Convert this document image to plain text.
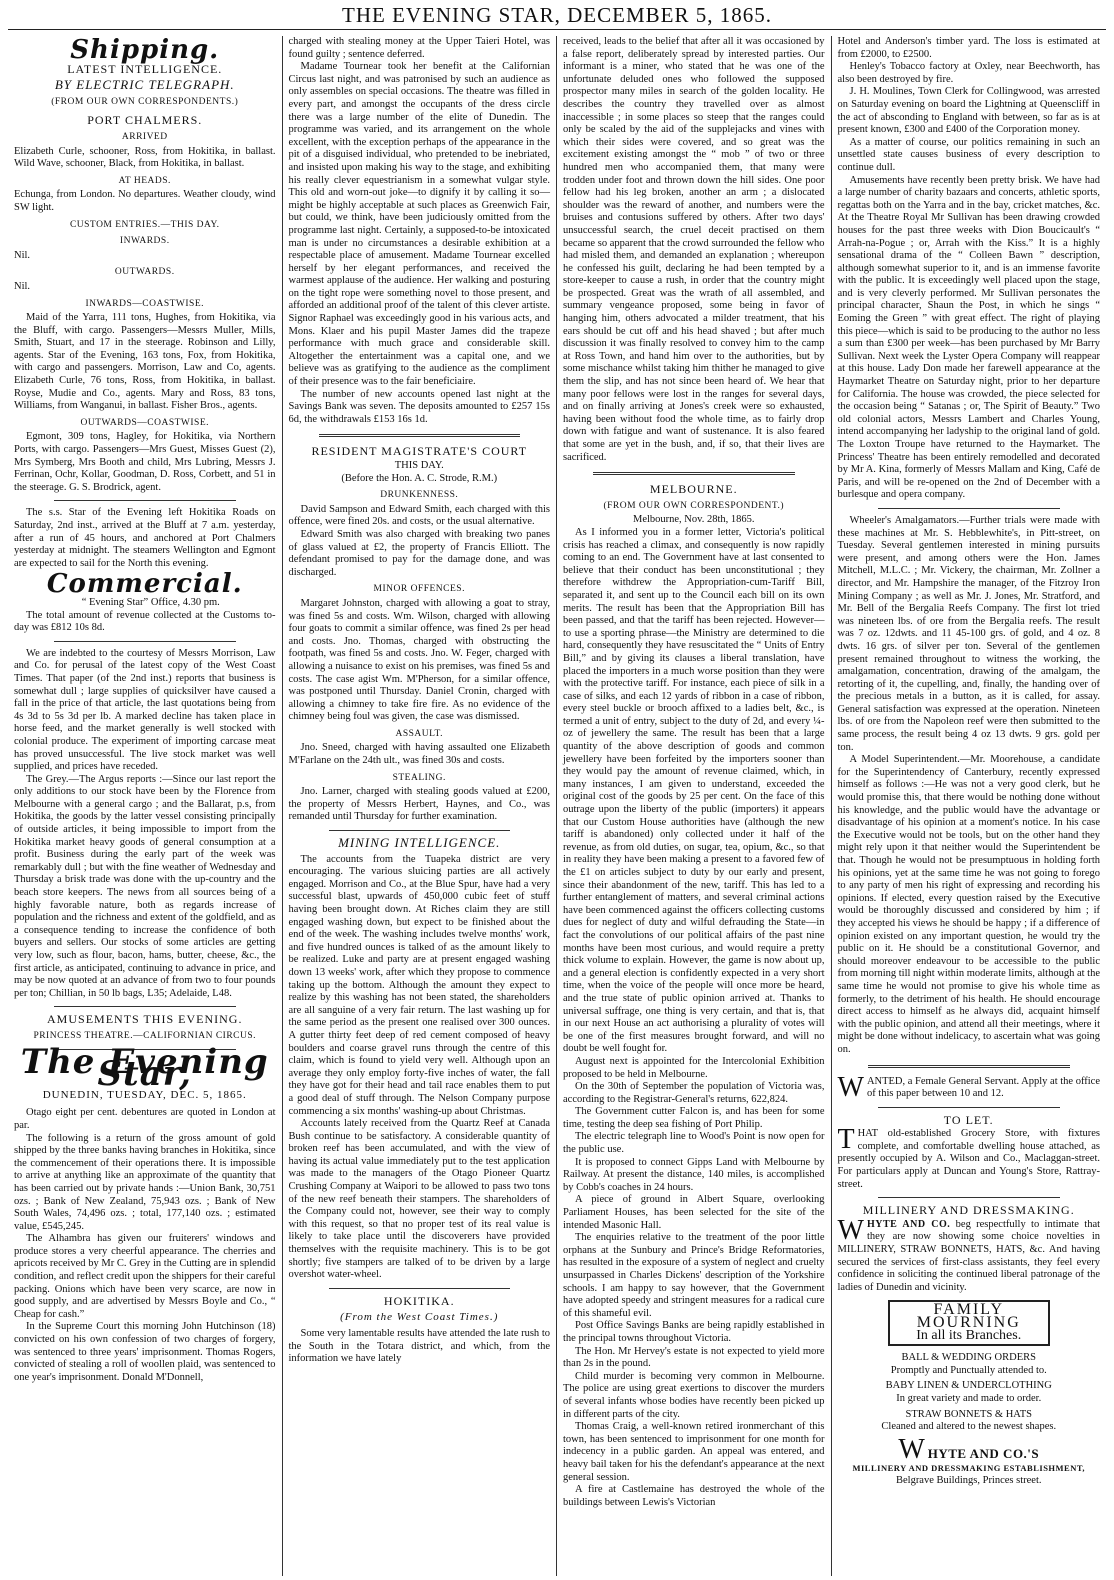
THE EVENING STAR, DECEMBER 5, 1865.
Shipping.
LATEST INTELLIGENCE.
BY ELECTRIC TELEGRAPH.
(FROM OUR OWN CORRESPONDENTS.)
PORT CHALMERS.
ARRIVED

Elizabeth Curle, schooner, Ross, from Hokitika, in ballast. Wild Wave, schooner, Black, from Hokitika, in ballast.

AT HEADS.

Echunga, from London. No departures. Weather cloudy, wind SW light.

CUSTOM ENTRIES.—THIS DAY.
INWARDS.

Nil.

OUTWARDS.

Nil.

INWARDS—COASTWISE.

Maid of the Yarra, 111 tons, Hughes, from Hokitika, via the Bluff, with cargo. Passengers—Messrs Muller, Mills, Smith, Stuart, and 17 in the steerage. Robinson and Lilly, agents. Star of the Evening, 163 tons, Fox, from Hokitika, with cargo and passengers. Morrison, Law and Co, agents. Elizabeth Curle, 76 tons, Ross, from Hokitika, in ballast. Royse, Mudie and Co., agents. Mary and Ross, 83 tons, Williams, from Wanganui, in ballast. Fisher Bros., agents.

OUTWARDS—COASTWISE.

Egmont, 309 tons, Hagley, for Hokitika, via Northern Ports, with cargo. Passengers—Mrs Guest, Misses Guest (2), Mrs Symberg, Mrs Booth and child, Mrs Lubring, Messrs J. Ferrinan, Ochr, Kollar, Goodman, D. Ross, Corbett, and 51 in the steerage. G. S. Brodrick, agent.

The s.s. Star of the Evening left Hokitika Roads on Saturday, 2nd inst., arrived at the Bluff at 7 a.m. yesterday, after a run of 45 hours, and anchored at Port Chalmers yesterday at midnight. The steamers Wellington and Egmont are expected to sail for the North this evening.

Commercial.

“ Evening Star” Office, 4.30 pm.

The total amount of revenue collected at the Customs to-day was £812 10s 8d.

We are indebted to the courtesy of Messrs Morrison, Law and Co. for perusal of the latest copy of the West Coast Times. That paper (of the 2nd inst.) reports that business is somewhat dull ; large supplies of quicksilver have caused a fall in the price of that article, the last quotations being from 4s 3d to 5s 3d per lb. A marked decline has taken place in horse feed, and the market generally is well stocked with colonial produce. The experiment of importing carcase meat has proved unsuccessful. The live stock market was well supplied, and prices have receded.

The Grey.—The Argus reports :—Since our last report the only additions to our stock have been by the Florence from Melbourne with a general cargo ; and the Ballarat, p.s, from Hokitika, the goods by the latter vessel consisting principally of outside articles, it being impossible to import from the Hokitika market heavy goods of general consumption at a profit. Business during the early part of the week was remarkably dull ; but with the fine weather of Wednesday and Thursday a brisk trade was done with the up-country and the beach store keepers. The news from all sources being of a highly favorable nature, both as regards increase of population and the richness and extent of the goldfield, and as a consequence tending to increase the confidence of both buyers and sellers. Our stocks of some articles are getting very low, such as flour, bacon, hams, butter, cheese, &c., the first article, as anticipated, continuing to advance in price, and may be now quoted at an advance of from two to four pounds per ton; Chillian, in 50 lb bags, L35; Adelaide, L48.

AMUSEMENTS THIS EVENING.
PRINCESS THEATRE.—CALIFORNIAN CIRCUS.
The Evening Star,
DUNEDIN, TUESDAY, DEC. 5, 1865.

Otago eight per cent. debentures are quoted in London at par.

The following is a return of the gross amount of gold shipped by the three banks having branches in Hokitika, since the commencement of their operations there. It is impossible to arrive at anything like an approximate of the quantity that has been carried out by private hands :—Union Bank, 30,751 ozs. ; Bank of New Zealand, 75,943 ozs. ; Bank of New South Wales, 74,496 ozs. ; total, 177,140 ozs. ; estimated value, £545,245.

The Alhambra has given our fruiterers' windows and produce stores a very cheerful appearance. The cherries and apricots received by Mr C. Grey in the Cutting are in splendid condition, and reflect credit upon the shippers for their careful packing. Onions which have been very scarce, are now in good supply, and are advertised by Messrs Boyle and Co., “ Cheap for cash.”

In the Supreme Court this morning John Hutchinson (18) convicted on his own confession of two charges of forgery, was sentenced to three years' imprisonment. Thomas Rogers, convicted of stealing a roll of woollen plaid, was sentenced to one year's imprisonment. Donald M'Donnell,

charged with stealing money at the Upper Taieri Hotel, was found guilty ; sentence deferred.

Madame Tournear took her benefit at the Californian Circus last night, and was patronised by such an audience as only assembles on special occasions. The theatre was filled in every part, and amongst the occupants of the dress circle there was a large number of the elite of Dunedin. The programme was varied, and its arrangement on the whole excellent, with the exception perhaps of the appearance in the pit of a disguised individual, who pretended to be inebriated, and insisted upon making his way to the stage, and exhibiting his really clever equestrianism in a somewhat vulgar style. This old and worn-out joke—to dignify it by calling it so—might be highly acceptable at such places as Greenwich Fair, but could, we think, have been judiciously omitted from the programme last night. Certainly, a supposed-to-be intoxicated man is under no circumstances a desirable exhibition at a respectable place of amusement. Madame Tournear excelled herself by her elegant performances, and received the warmest applause of the audience. Her walking and posturing on the tight rope were something novel to those present, and afforded an additional proof of the talent of this clever artiste. Signor Raphael was exceedingly good in his various acts, and Mons. Klaer and his pupil Master James did the trapeze performance with much grace and considerable skill. Altogether the entertainment was a capital one, and we believe was as gratifying to the audience as the compliment of their presence was to the fair beneficiaire.

The number of new accounts opened last night at the Savings Bank was seven. The deposits amounted to £257 15s 6d, the withdrawals £153 16s 1d.

RESIDENT MAGISTRATE'S COURT
THIS DAY.
(Before the Hon. A. C. Strode, R.M.)
DRUNKENNESS.

David Sampson and Edward Smith, each charged with this offence, were fined 20s. and costs, or the usual alternative.

Edward Smith was also charged with breaking two panes of glass valued at £2, the property of Francis Elliott. The defendant promised to pay for the damage done, and was discharged.

MINOR OFFENCES.

Margaret Johnston, charged with allowing a goat to stray, was fined 5s and costs. Wm. Wilson, charged with allowing four goats to commit a similar offence, was fined 2s per head and costs. Jno. Thomas, charged with obstructing the footpath, was fined 5s and costs. Jno. W. Feger, charged with allowing a nuisance to exist on his premises, was fined 5s and costs. The case agist Wm. M'Pherson, for a similar offence, was postponed until Thursday. Daniel Cronin, charged with allowing a chimney to take fire fire. As no evidence of the chimney being foul was given, the case was dismissed.

ASSAULT.

Jno. Sneed, charged with having assaulted one Elizabeth M'Farlane on the 24th ult., was fined 30s and costs.

STEALING.

Jno. Larner, charged with stealing goods valued at £200, the property of Messrs Herbert, Haynes, and Co., was remanded until Thursday for further examination.

MINING INTELLIGENCE.

The accounts from the Tuapeka district are very encouraging. The various sluicing parties are all actively engaged. Morrison and Co., at the Blue Spur, have had a very successful blast, upwards of 450,000 cubic feet of stuff having been brought down. At Riches claim they are still engaged washing down, but expect to be finished about the end of the week. The washing includes twelve months' work, and five hundred ounces is talked of as the amount likely to be realized. Luke and party are at present engaged washing down 13 weeks' work, after which they propose to commence taking up the bottom. Although the amount they expect to realize by this washing has not been stated, the shareholders are all sanguine of a very fair return. The last washing up for the same period as the present one realised over 300 ounces. A gutter thirty feet deep of red cement composed of heavy boulders and coarse gravel runs through the centre of this claim, which is found to yield very well. Although upon an average they only employ forty-five inches of water, the fall they have got for their head and tail race enables them to put a good deal of stuff through. The Nelson Company purpose commencing a six months' washing-up about Christmas.

Accounts lately received from the Quartz Reef at Canada Bush continue to be satisfactory. A considerable quantity of broken reef has been accumulated, and with the view of having its actual value immediately put to the test application was made to the managers of the Otago Pioneer Quartz Crushing Company at Waipori to be allowed to pass two tons of the new reef beneath their stampers. The shareholders of the Company could not, however, see their way to comply with this request, so that no proper test of its real value is likely to take place until the discoverers have provided themselves with the requisite machinery. This is to be got shortly; five stampers are talked of to be driven by a large overshot water-wheel.

HOKITIKA.
(From the West Coast Times.)

Some very lamentable results have attended the late rush to the South in the Totara district, and which, from the information we have lately

received, leads to the belief that after all it was occasioned by a false report, deliberately spread by interested parties. Our informant is a miner, who stated that he was one of the unfortunate deluded ones who followed the supposed prospector many miles in search of the golden locality. He describes the country they travelled over as almost inaccessible ; in some places so steep that the ranges could only be scaled by the aid of the supplejacks and vines with which their sides were covered, and so great was the excitement existing amongst the “ mob ” of two or three hundred men who accompanied them, that many were trodden under foot and thrown down the hill sides. One poor fellow had his leg broken, another an arm ; a dislocated shoulder was the reward of another, and numbers were the bruises and contusions suffered by others. After two days' unsuccessful search, the cruel deceit practised on them became so apparent that the crowd surrounded the fellow who had misled them, and demanded an explanation ; whereupon he confessed his guilt, declaring he had been tempted by a store-keeper to cause a rush, in order that the country might be prospected. Great was the wrath of all assembled, and summary vengeance proposed, some being in favor of hanging him, others advocated a milder treatment, that his ears should be cut off and his head shaved ; but after much discussion it was finally resolved to convey him to the camp at Ross Town, and hand him over to the authorities, but by some mischance whilst taking him thither he managed to give them the slip, and has not since been heard of. We hear that many poor fellows were lost in the ranges for several days, and on finally arriving at Jones's creek were so exhausted, having been without food the whole time, as to fairly drop down with fatigue and want of sustenance. It is also feared that some are yet in the bush, and, if so, that their lives are sacrificed.

MELBOURNE.
(FROM OUR OWN CORRESPONDENT.)
Melbourne, Nov. 28th, 1865.

As I informed you in a former letter, Victoria's political crisis has reached a climax, and consequently is now rapidly coming to an end. The Government have at last consented to believe that their conduct has been unconstitutional ; they therefore withdrew the Appropriation-cum-Tariff Bill, separated it, and sent up to the Council each bill on its own merits. The result has been that the Appropriation Bill has been passed, and that the tariff has been rejected. However—to use a sporting phrase—the Ministry are determined to die hard, consequently they have resuscitated the “ Units of Entry Bill,” and by giving its clauses a liberal translation, have placed the importers in a much worse position than they were with the protective tariff. For instance, each piece of silk in a case of silks, and each 12 yards of ribbon in a case of ribbon, every steel buckle or brooch affixed to a ladies belt, &c., is termed a unit of entry, subject to the duty of 2d, and every ¼-oz of jewellery the same. The result has been that a large quantity of the above description of goods and common jewellery have been forfeited by the importers sooner than they would pay the amount of revenue claimed, which, in many instances, I am given to understand, exceeded the original cost of the goods by 25 per cent. On the face of this outrage upon the liberty of the public (importers) it appears that our Custom House authorities have (although the new tariff is abandoned) only collected under it half of the revenue, as from old duties, on sugar, tea, opium, &c., so that in reality they have been making a present to a favored few of the £1 on articles subject to duty by our early and present, since their abandonment of the new, tariff. This has led to a further entanglement of matters, and several criminal actions have been commenced against the officers collecting customs dues for neglect of duty and wilful defrauding the State—in fact the convolutions of our political affairs of the past nine months have been most curious, and would require a pretty thick volume to explain. However, the game is now about up, and a general election is confidently expected in a very short time, when the voice of the people will once more be heard, and the true state of public opinion arrived at. Thanks to universal suffrage, one thing is very certain, and that is, that in our next House an act authorising a plurality of votes will be one of the first measures brought forward, and will no doubt be well fought for.

August next is appointed for the Intercolonial Exhibition proposed to be held in Melbourne.

On the 30th of September the population of Victoria was, according to the Registrar-General's returns, 622,824.

The Government cutter Falcon is, and has been for some time, testing the deep sea fishing of Port Philip.

The electric telegraph line to Wood's Point is now open for the public use.

It is proposed to connect Gipps Land with Melbourne by Railway. At present the distance, 140 miles, is accomplished by Cobb's coaches in 24 hours.

A piece of ground in Albert Square, overlooking Parliament Houses, has been selected for the site of the intended Masonic Hall.

The enquiries relative to the treatment of the poor little orphans at the Sunbury and Prince's Bridge Reformatories, has resulted in the exposure of a system of neglect and cruelty unsurpassed in Charles Dickens' description of the Yorkshire schools. I am happy to say however, that the Government have adopted speedy and stringent measures for a radical cure of this shameful evil.

Post Office Savings Banks are being rapidly established in the principal towns throughout Victoria.

The Hon. Mr Hervey's estate is not expected to yield more than 2s in the pound.

Child murder is becoming very common in Melbourne. The police are using great exertions to discover the murders of several infants whose bodies have recently been picked up in different parts of the city.

Thomas Craig, a well-known retired ironmerchant of this town, has been sentenced to imprisonment for one month for indecency in a public garden. An appeal was entered, and heavy bail taken for his the defendant's appearance at the next general session.

A fire at Castlemaine has destroyed the whole of the buildings between Lewis's Victorian

Hotel and Anderson's timber yard. The loss is estimated at from £2000, to £2500.

Henley's Tobacco factory at Oxley, near Beechworth, has also been destroyed by fire.

J. H. Moulines, Town Clerk for Collingwood, was arrested on Saturday evening on board the Lightning at Queenscliff in the act of absconding to England with between, so far as is at present known, £300 and £400 of the Corporation money.

As a matter of course, our politics remaining in such an unsettled state causes business of every description to continue dull.

Amusements have recently been pretty brisk. We have had a large number of charity bazaars and concerts, athletic sports, regattas both on the Yarra and in the bay, cricket matches, &c. At the Theatre Royal Mr Sullivan has been drawing crowded houses for the past three weeks with Dion Boucicault's “ Arrah-na-Pogue ; or, Arrah with the Kiss.” It is a highly sensational drama of the “ Colleen Bawn ” description, although somewhat superior to it, and is an immense favorite with the public. It is exceedingly well placed upon the stage, and is very cleverly performed. Mr Sullivan personates the principal character, Shaun the Post, in which he sings “ Eoming the Green ” with great effect. The right of playing this piece—which is said to be producing to the author no less a sum than £300 per week—has been purchased by Mr Barry Sullivan. Next week the Lyster Opera Company will reappear at this house. Lady Don made her farewell appearance at the Haymarket Theatre on Saturday night, prior to her departure for California. The house was crowded, the piece selected for the occasion being “ Satanas ; or, The Spirit of Beauty.” Two old colonial actors, Messrs Lambert and Charles Young, intend accompanying her ladyship to the original land of gold. The Loxton Troupe have returned to the Haymarket. The Princess' Theatre has been entirely remodelled and decorated by Mr A. Kina, formerly of Messrs Mallam and King, Café de Paris, and will be re-opened on the 2nd of December with a burlesque and opera company.

Wheeler's Amalgamators.—Further trials were made with these machines at Mr. S. Hebblewhite's, in Pitt-street, on Tuesday. Several gentlemen interested in mining pursuits were present, and among others were the Hon. James Mitchell, M.L.C. ; Mr. Vickery, the chairman, Mr. Zollner a director, and Mr. Hampshire the manager, of the Fitzroy Iron Mining Company ; as well as Mr. J. Jones, Mr. Stratford, and Mr. Bell of the Bergalia Reefs Company. The first lot tried was nineteen lbs. of ore from the Bergalia reefs. The result was 7 oz. 12dwts. and 11 45-100 grs. of gold, and 4 oz. 8 dwts. 16 grs. of silver per ton. Several of the gentlemen present remained throughout to witness the working, the amalgamation, concentration, drawing of the amalgam, the retorting of it, the cupelling, and, finally, the handing over of the precious metals in a button, as it is called, for assay. General satisfaction was expressed at the operation. Nineteen lbs. of ore from the Napoleon reef were then submitted to the same process, the result being 4 oz 13 dwts. 9 grs. gold per ton.

A Model Superintendent.—Mr. Moorehouse, a candidate for the Superintendency of Canterbury, recently expressed himself as follows :—He was not a very good clerk, but he would promise this, that there would be nothing done without his knowledge, and the public would have the advantage or disadvantage of his opinion at a moment's notice. In his case the Executive would not be tools, but on the other hand they might rely upon it that neither would the Superintendent be that. Though he would not be presumptuous in holding forth his opinions, yet at the same time he was not going to forego to any party of men his right of expressing and recording his opinions. If elected, every question raised by the Executive would be thoroughly discussed and considered by him ; if they accepted his views he should be happy ; if a difference of opinion existed on any important question, he would try the public on it. He should be a constitutional Governor, and should moreover endeavour to be accessible to the public from morning till night within moderate limits, although at the same time he would not promise to give his whole time as formerly, to the detriment of his health. He should encourage direct access to himself as he always did, acquaint himself with the public opinion, and attend all their meetings, where it might be done without indelicacy, to ascertain what was going on.

WANTED, a Female General Servant. Apply at the office of this paper between 10 and 12.

TO LET.

THAT old-established Grocery Store, with fixtures complete, and comfortable dwelling house attached, as presently occupied by A. Wilson and Co., Maclaggan-street. For particulars apply at Duncan and Young's Store, Rattray-street.

MILLINERY AND DRESSMAKING.

WHYTE AND CO. beg respectfully to intimate that they are now showing some choice novelties in MILLINERY, STRAW BONNETS, HATS, &c. And having secured the services of first-class assistants, they feel every confidence in soliciting the continued liberal patronage of the ladies of Dunedin and vicinity.

FAMILY MOURNING
In all its Branches.
BALL & WEDDING ORDERS
Promptly and Punctually attended to.
BABY LINEN & UNDERCLOTHING
In great variety and made to order.
STRAW BONNETS & HATS
Cleaned and altered to the newest shapes.

WHYTE AND CO.'S

MILLINERY AND DRESSMAKING ESTABLISHMENT,
Belgrave Buildings, Princes street.
